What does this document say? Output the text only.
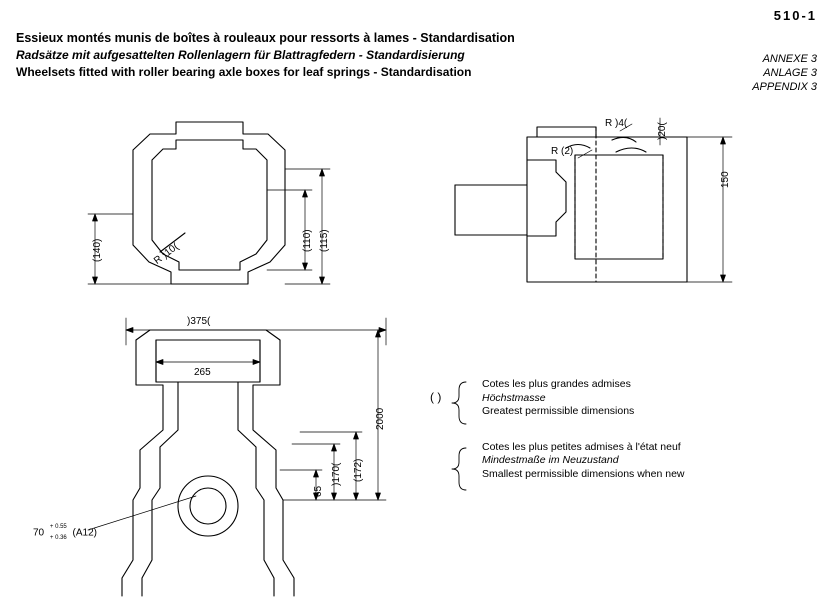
510-1
Essieux montés munis de boîtes à rouleaux pour ressorts à lames - Standardisation
Radsätze mit aufgesattelten Rollenlagern für Blattragfedern - Standardisierung
Wheelsets fitted with roller bearing axle boxes for leaf springs - Standardisation
ANNEXE 3
ANLAGE 3
APPENDIX 3
(140)	(115)
(110)
R )10(
R )4(	)20(
R (2)
150
)375(
265
2000
(172)
)170(
65
70 + 0.55
+ 0.36 (A12)
( )
Cotes les plus grandes admises
Höchstmasse
Greatest permissible dimensions
Cotes les plus petites admises à l'état neuf
Mindestmaße im Neuzustand
Smallest permissible dimensions when new
